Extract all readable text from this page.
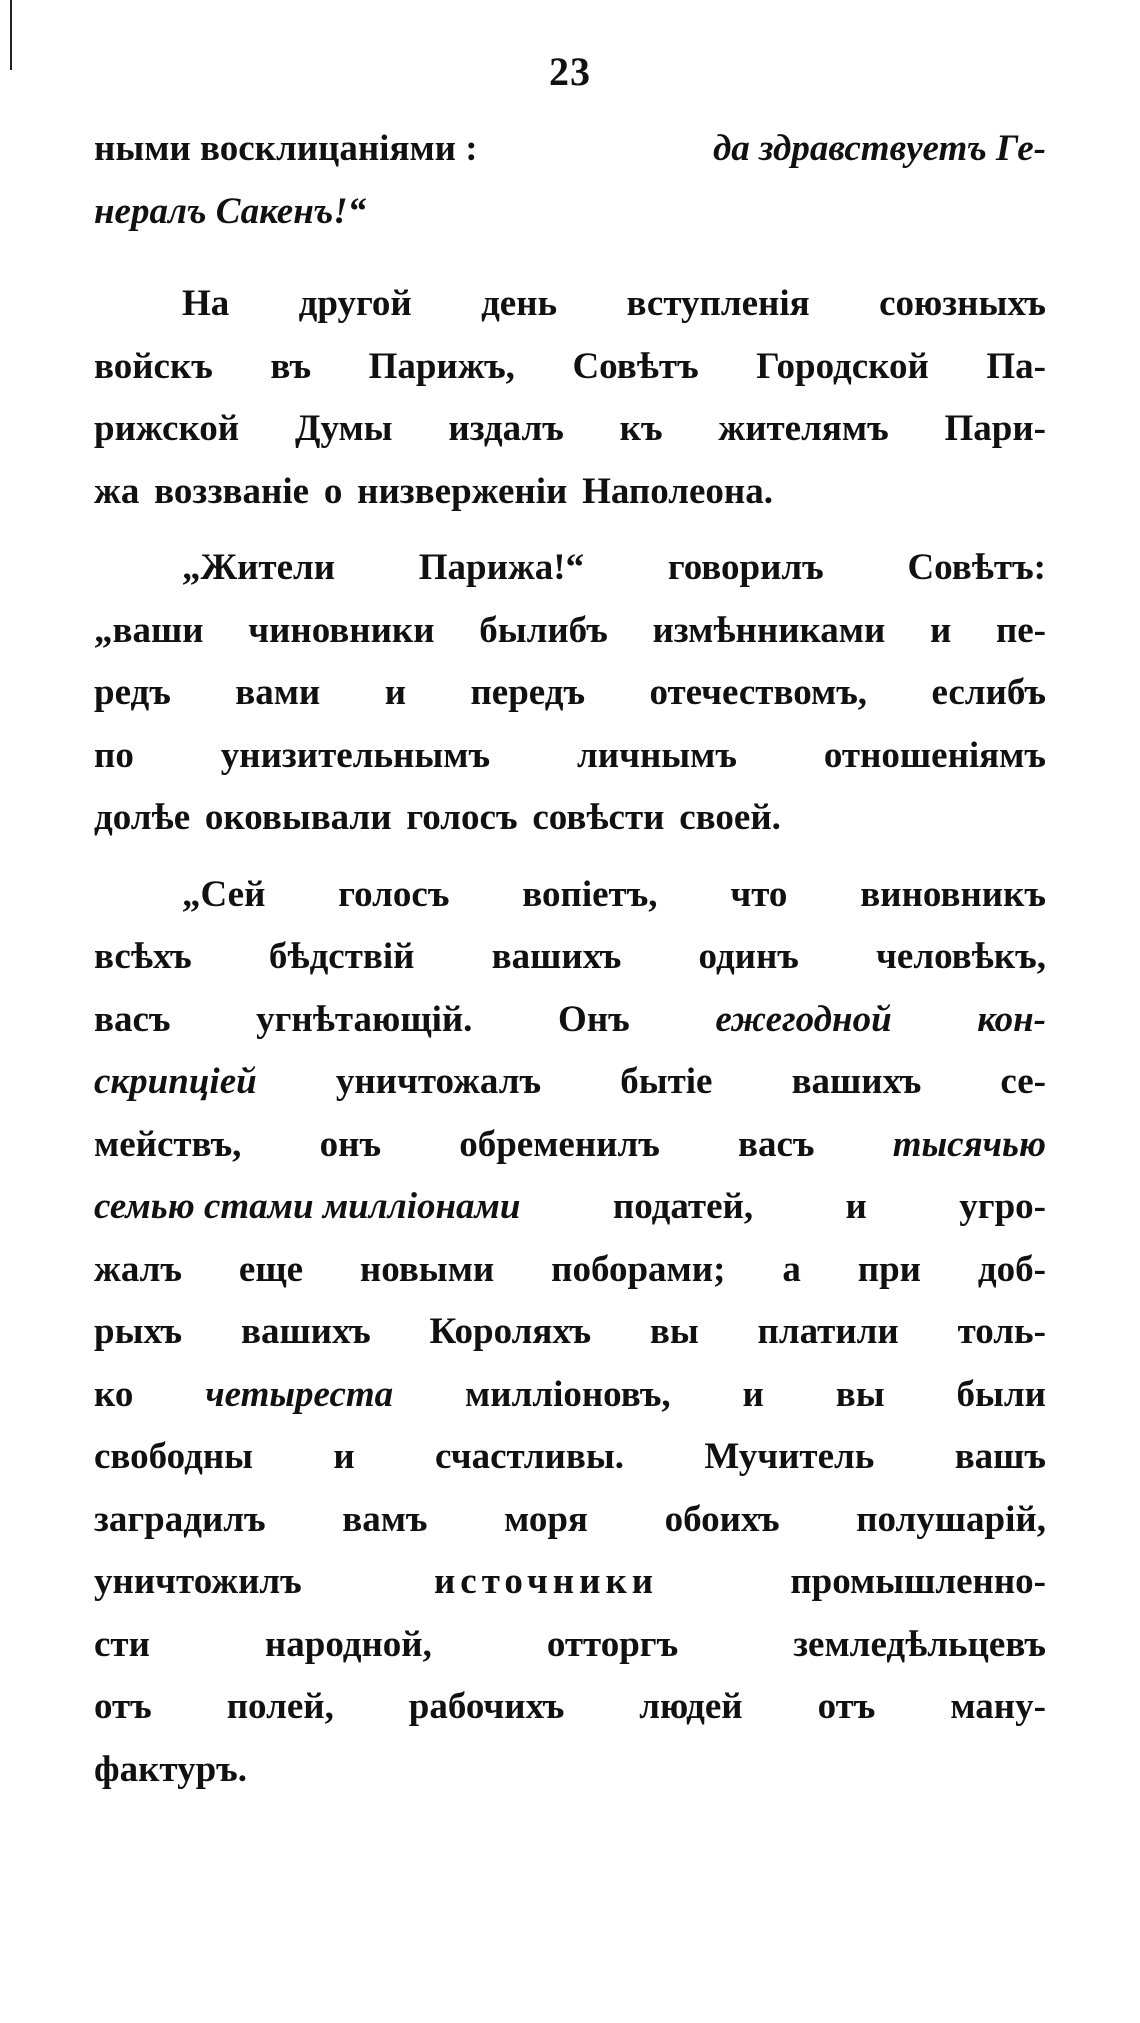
23
ными восклицаніями :	да здравствуетъ Ге-
нералъ Сакенъ!“
На другой день вступленія союзныхъ
войскъ въ Парижъ, Совѣтъ Городской Па-
рижской Думы издалъ къ жителямъ Пари-
жа воззваніе о низверженіи Наполеона.
„Жители Парижа!“ говорилъ Совѣтъ:
„ваши чиновники былибъ измѣнниками и пе-
редъ вами и передъ отечествомъ, еслибъ
по унизительнымъ личнымъ отношеніямъ
долѣе оковывали голосъ совѣсти своей.
„Сей голосъ вопіетъ, что виновникъ
всѣхъ бѣдствій вашихъ одинъ человѣкъ,
васъ угнѣтающій. Онъ ежегодной кон-
скрипціей уничтожалъ бытіе вашихъ се-
мействъ, онъ обременилъ васъ тысячью
семью стами миллiонами податей, и угро-
жалъ еще новыми поборами; а при доб-
рыхъ вашихъ Короляхъ вы платили толь-
ко четыреста милліоновъ, и вы были
свободны и счастливы. Мучитель вашъ
заградилъ вамъ моря обоихъ полушарій,
уничтожилъ	источники	промышленно-
сти	народной,	отторгъ	земледѣльцевъ
отъ полей, рабочихъ людей отъ ману-
фактуръ.
